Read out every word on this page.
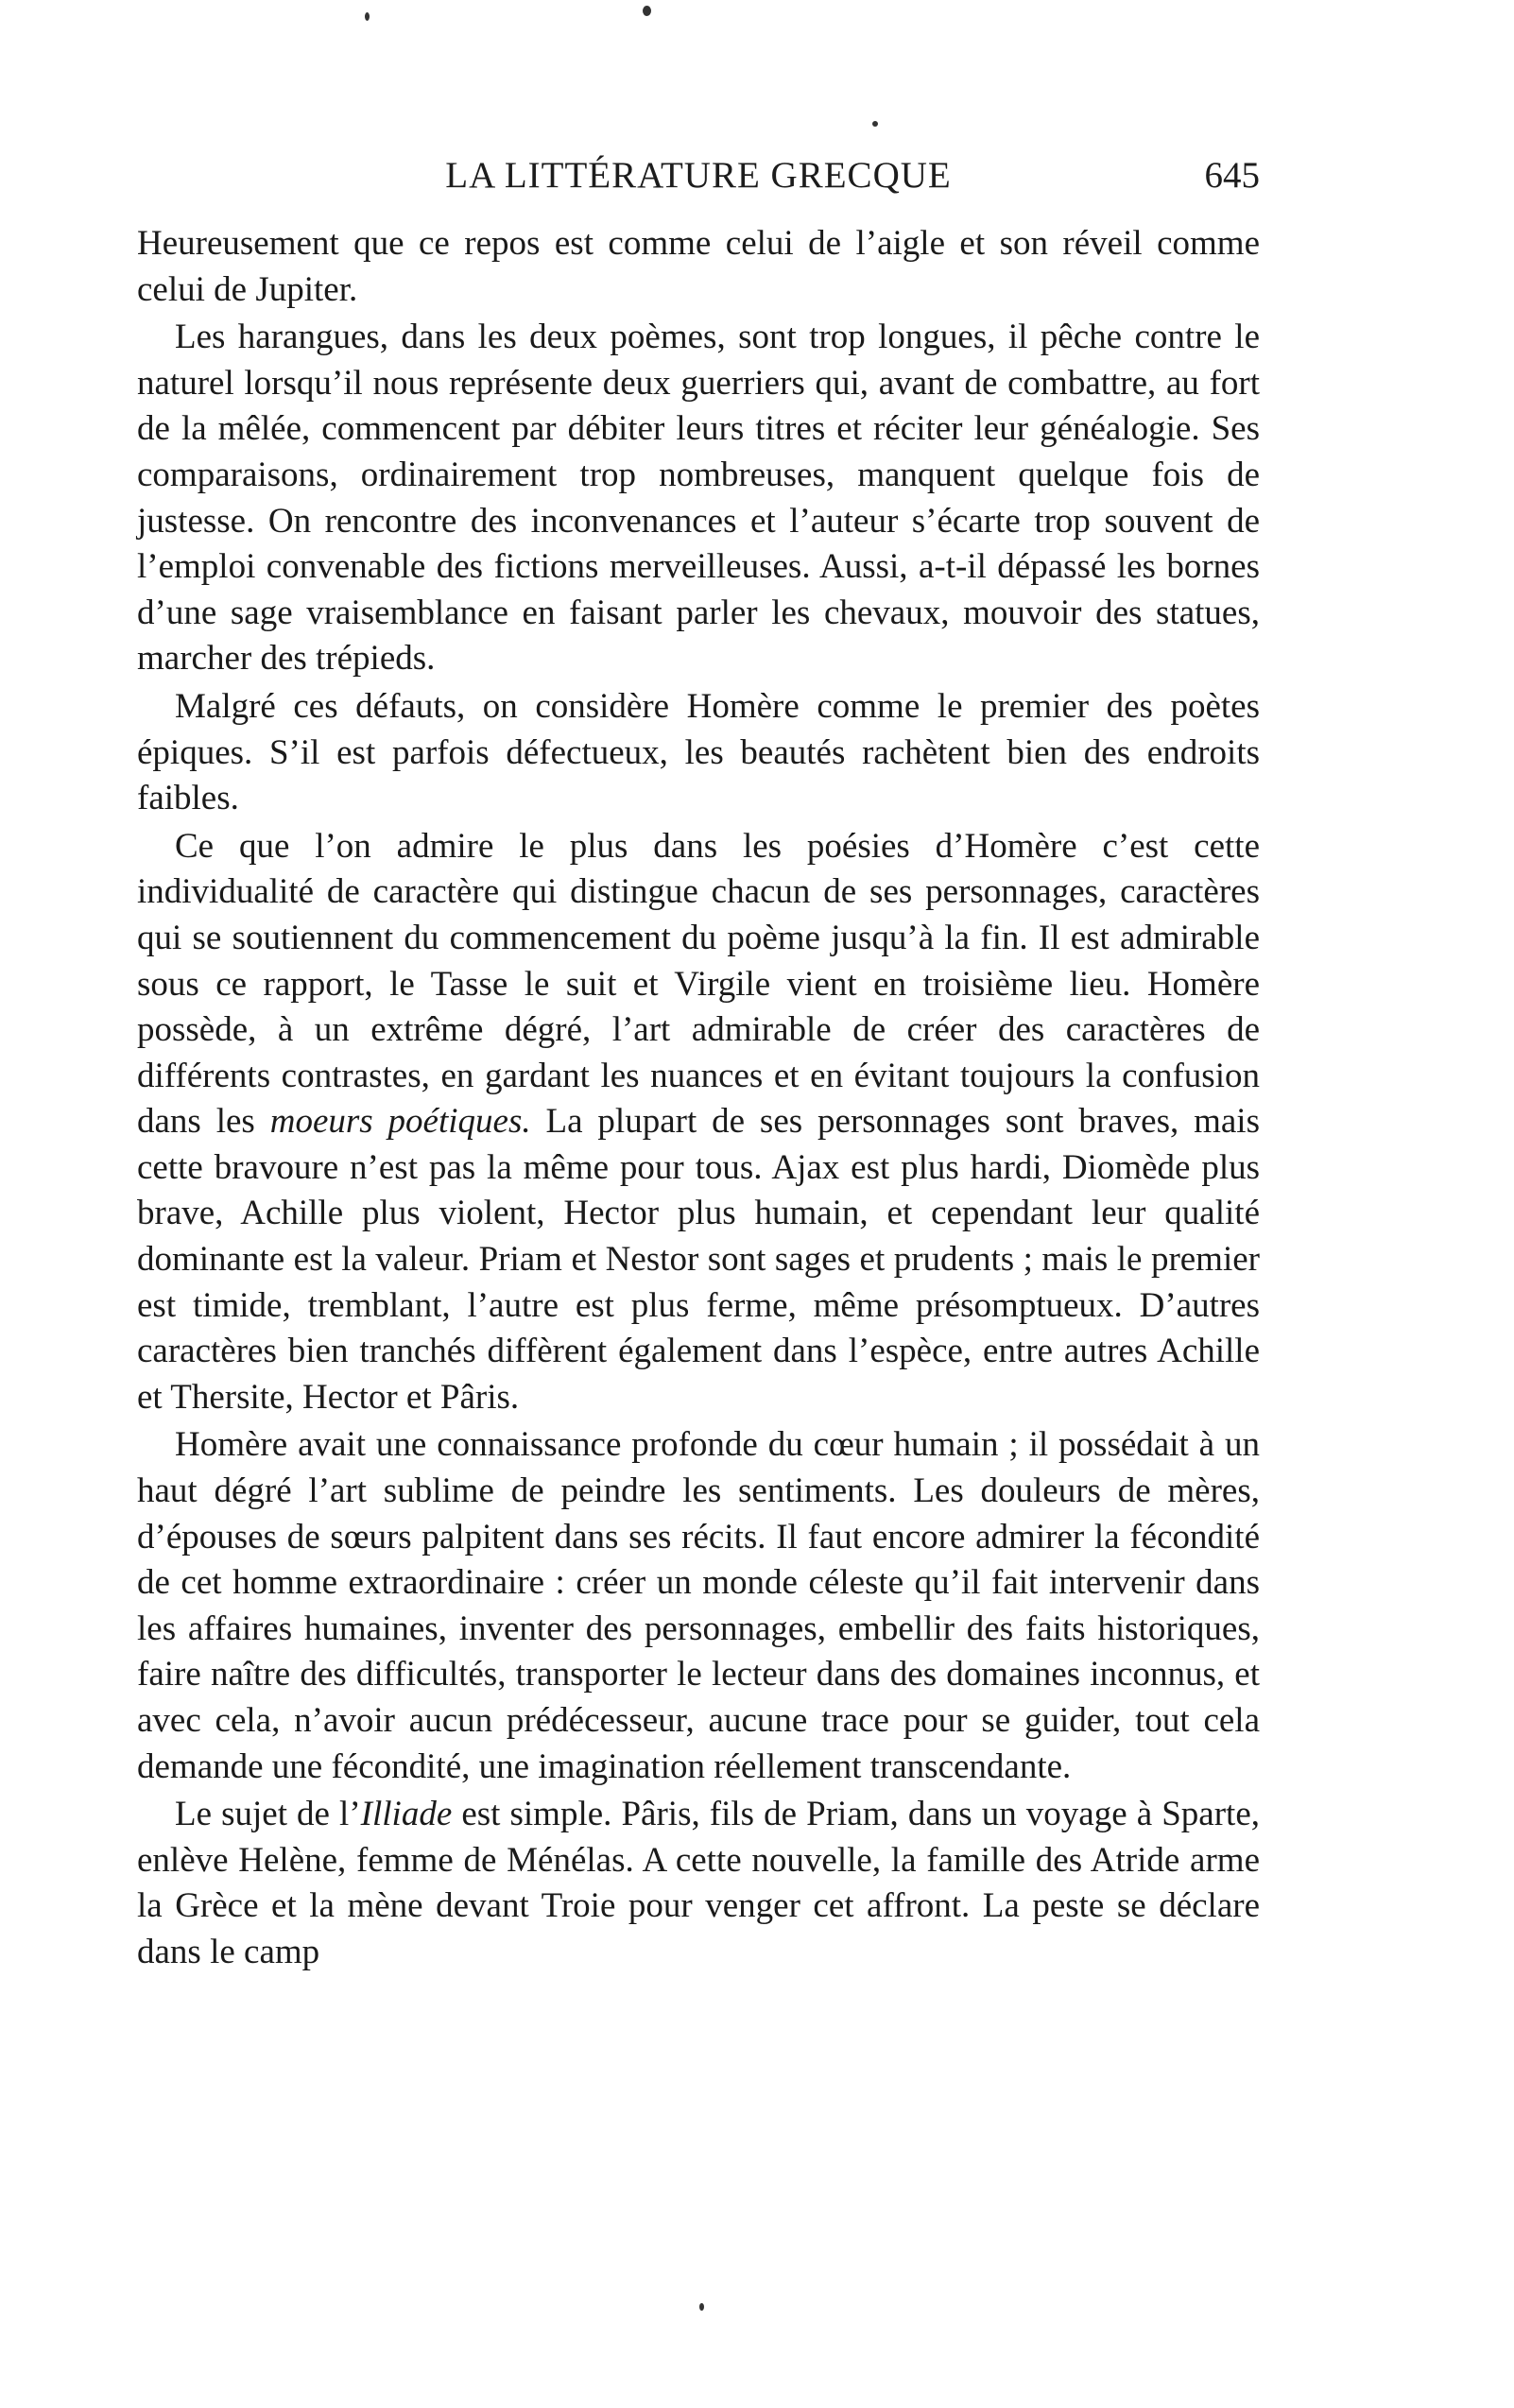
LA LITTÉRATURE GRECQUE	645

Heureusement que ce repos est comme celui de l’aigle et son réveil comme celui de Jupiter.

Les harangues, dans les deux poèmes, sont trop longues, il pêche contre le naturel lorsqu’il nous représente deux guerriers qui, avant de combattre, au fort de la mêlée, commencent par débiter leurs titres et réciter leur généalogie. Ses comparaisons, ordinairement trop nombreuses, manquent quelque fois de justesse. On rencontre des inconvenances et l’auteur s’écarte trop souvent de l’emploi convenable des fictions merveilleuses. Aussi, a-t-il dépassé les bornes d’une sage vraisemblance en faisant parler les chevaux, mouvoir des statues, marcher des trépieds.

Malgré ces défauts, on considère Homère comme le premier des poètes épiques. S’il est parfois défectueux, les beautés rachètent bien des endroits faibles.

Ce que l’on admire le plus dans les poésies d’Homère c’est cette individualité de caractère qui distingue chacun de ses personnages, caractères qui se soutiennent du commencement du poème jusqu’à la fin. Il est admirable sous ce rapport, le Tasse le suit et Virgile vient en troisième lieu. Homère possède, à un extrême dégré, l’art admirable de créer des caractères de différents contrastes, en gardant les nuances et en évitant toujours la confusion dans les moeurs poétiques. La plupart de ses personnages sont braves, mais cette bravoure n’est pas la même pour tous. Ajax est plus hardi, Diomède plus brave, Achille plus violent, Hector plus humain, et cependant leur qualité dominante est la valeur. Priam et Nestor sont sages et prudents ; mais le premier est timide, tremblant, l’autre est plus ferme, même présomptueux. D’autres caractères bien tranchés diffèrent également dans l’espèce, entre autres Achille et Thersite, Hector et Pâris.

Homère avait une connaissance profonde du cœur humain ; il possédait à un haut dégré l’art sublime de peindre les sentiments. Les douleurs de mères, d’épouses de sœurs palpitent dans ses récits. Il faut encore admirer la fécondité de cet homme extraordinaire : créer un monde céleste qu’il fait intervenir dans les affaires humaines, inventer des personnages, embellir des faits historiques, faire naître des difficultés, transporter le lecteur dans des domaines inconnus, et avec cela, n’avoir aucun prédécesseur, aucune trace pour se guider, tout cela demande une fécondité, une imagination réellement transcendante.

Le sujet de l’Illiade est simple. Pâris, fils de Priam, dans un voyage à Sparte, enlève Helène, femme de Ménélas. A cette nouvelle, la famille des Atride arme la Grèce et la mène devant Troie pour venger cet affront. La peste se déclare dans le camp
